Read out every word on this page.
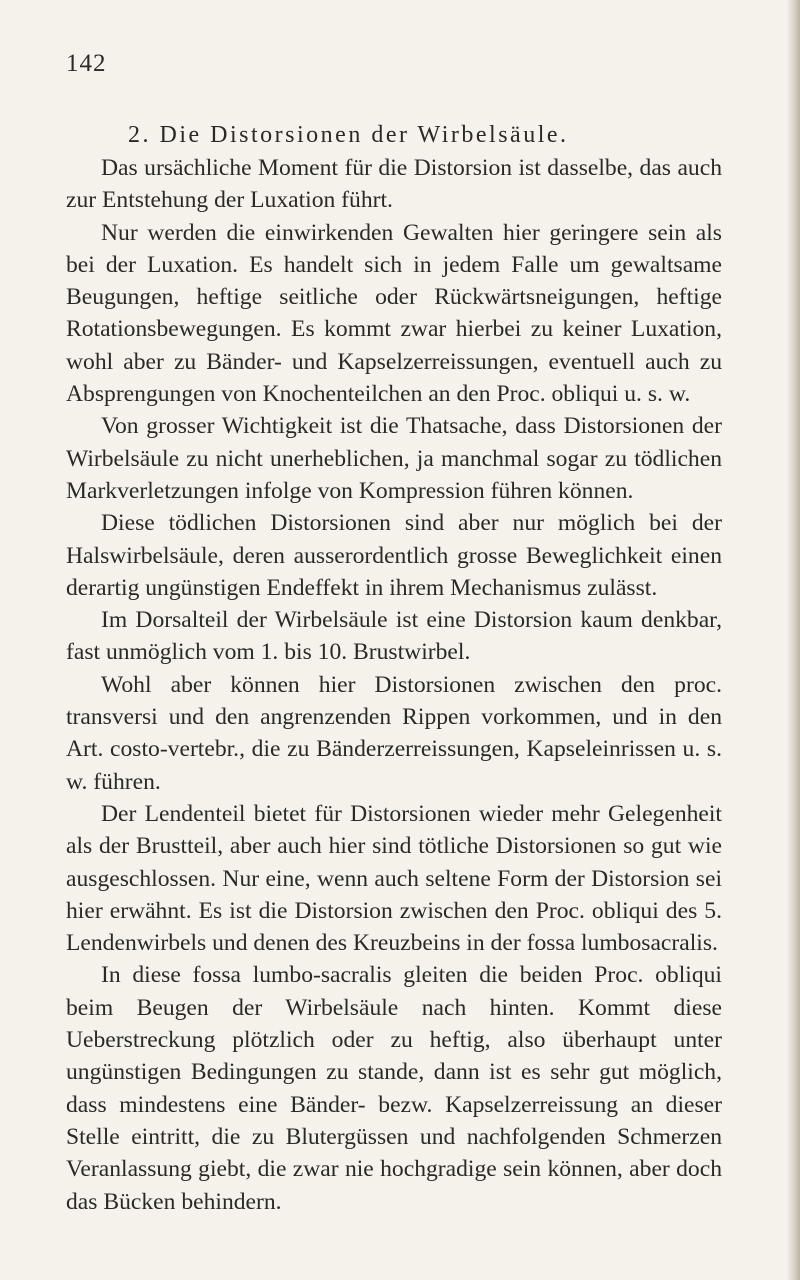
142

2. Die Distorsionen der Wirbelsäule.

Das ursächliche Moment für die Distorsion ist dasselbe, das auch zur Entstehung der Luxation führt.

Nur werden die einwirkenden Gewalten hier geringere sein als bei der Luxation. Es handelt sich in jedem Falle um gewaltsame Beugungen, heftige seitliche oder Rückwärtsneigungen, heftige Rotationsbewegungen. Es kommt zwar hierbei zu keiner Luxation, wohl aber zu Bänder- und Kapselzerreissungen, eventuell auch zu Absprengungen von Knochenteilchen an den Proc. obliqui u. s. w.

Von grosser Wichtigkeit ist die Thatsache, dass Distorsionen der Wirbelsäule zu nicht unerheblichen, ja manchmal sogar zu tödlichen Markverletzungen infolge von Kompression führen können.

Diese tödlichen Distorsionen sind aber nur möglich bei der Halswirbelsäule, deren ausserordentlich grosse Beweglichkeit einen derartig ungünstigen Endeffekt in ihrem Mechanismus zulässt.

Im Dorsalteil der Wirbelsäule ist eine Distorsion kaum denkbar, fast unmöglich vom 1. bis 10. Brustwirbel.

Wohl aber können hier Distorsionen zwischen den proc. transversi und den angrenzenden Rippen vorkommen, und in den Art. costo-vertebr., die zu Bänderzerreissungen, Kapseleinrissen u. s. w. führen.

Der Lendenteil bietet für Distorsionen wieder mehr Gelegenheit als der Brustteil, aber auch hier sind tötliche Distorsionen so gut wie ausgeschlossen. Nur eine, wenn auch seltene Form der Distorsion sei hier erwähnt. Es ist die Distorsion zwischen den Proc. obliqui des 5. Lendenwirbels und denen des Kreuzbeins in der fossa lumbosacralis.

In diese fossa lumbo-sacralis gleiten die beiden Proc. obliqui beim Beugen der Wirbelsäule nach hinten. Kommt diese Ueberstreckung plötzlich oder zu heftig, also überhaupt unter ungünstigen Bedingungen zu stande, dann ist es sehr gut möglich, dass mindestens eine Bänder- bezw. Kapselzerreissung an dieser Stelle eintritt, die zu Blutergüssen und nachfolgenden Schmerzen Veranlassung giebt, die zwar nie hochgradige sein können, aber doch das Bücken behindern.
